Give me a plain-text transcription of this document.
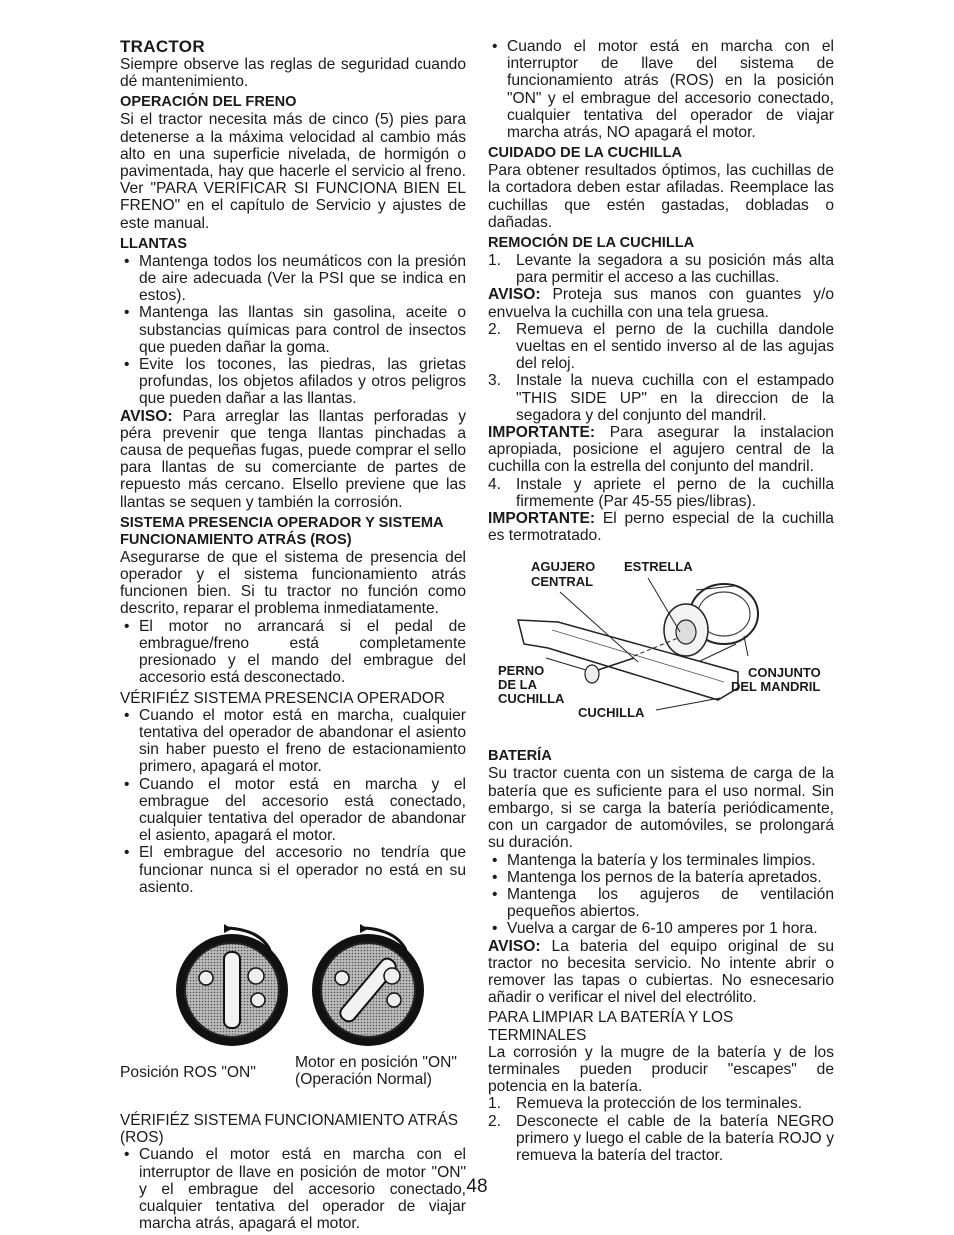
TRACTOR

Siempre observe las reglas de seguridad cuando dé mantenimiento.

OPERACIÓN DEL FRENO

Si el tractor necesita más de cinco (5) pies para detenerse a la máxima velocidad al cambio más alto en una superficie nivelada, de hormigón o pavimentada, hay que hacerle el servicio al freno. Ver "PARA VERIFICAR SI FUNCIONA BIEN EL FRENO" en el capítulo de Servicio y ajustes de este manual.

LLANTAS
• Mantenga todos los neumáticos con la presión de aire adecuada (Ver la PSI que se indica en estos).
• Mantenga las llantas sin gasolina, aceite o substancias químicas para control de insectos que pueden dañar la goma.
• Evite los tocones, las piedras, las grietas profundas, los objetos afilados y otros peligros que pueden dañar a las llantas.

AVISO: Para arreglar las llantas perforadas y péra prevenir que tenga llantas pinchadas a causa de pequeñas fugas, puede comprar el sello para llantas de su comerciante de partes de repuesto más cercano. Elsello previene que las llantas se sequen y también la corrosión.

SISTEMA PRESENCIA OPERADOR Y SISTEMA FUNCIONAMIENTO ATRÁS (ROS)

Asegurarse de que el sistema de presencia del operador y el sistema funcionamiento atrás funcionen bien. Si tu tractor no función como descrito, reparar el problema inmediatamente.

• El motor no arrancará si el pedal de embrague/freno está completamente presionado y el mando del embrague del accesorio está desconectado.
VÉRIFIÉZ SISTEMA PRESENCIA OPERADOR
• Cuando el motor está en marcha, cualquier tentativa del operador de abandonar el asiento sin haber puesto el freno de estacionamiento primero, apagará el motor.
• Cuando el motor está en marcha y el embrague del accesorio está conectado, cualquier tentativa del operador de abandonar el asiento, apagará el motor.
• El embrague del accesorio no tendría que funcionar nunca si el operador no está en su asiento.
Posición ROS "ON"
Motor en posición "ON" (Operación Normal)
VÉRIFIÉZ SISTEMA FUNCIONAMIENTO ATRÁS (ROS)
• Cuando el motor está en marcha con el interruptor de llave en posición de motor "ON" y el embrague del accesorio conectado, cualquier tentativa del operador de viajar marcha atrás, apagará el motor.
• Cuando el motor está en marcha con el interruptor de llave del sistema de funcionamiento atrás (ROS) en la posición "ON" y el embrague del accesorio conectado, cualquier tentativa del operador de viajar marcha atrás, NO apagará el motor.
CUIDADO DE LA CUCHILLA

Para obtener resultados óptimos, las cuchillas de la cortadora deben estar afiladas. Reemplace las cuchillas que estén gastadas, dobladas o dañadas.

REMOCIÓN DE LA CUCHILLA
1. Levante la segadora a su posición más alta para permitir el acceso a las cuchillas.

AVISO: Proteja sus manos con guantes y/o envuelva la cuchilla con una tela gruesa.

2. Remueva el perno de la cuchilla dandole vueltas en el sentido inverso al de las agujas del reloj.
3. Instale la nueva cuchilla con el estampado "THIS SIDE UP" en la direccion de la segadora y del conjunto del mandril.

IMPORTANTE: Para asegurar la instalacion apropiada, posicione el agujero central de la cuchilla con la estrella del conjunto del mandril.

4. Instale y apriete el perno de la cuchilla firmemente (Par 45-55 pies/libras).

IMPORTANTE: El perno especial de la cuchilla es termotratado.

AGUJERO
CENTRAL
ESTRELLA
PERNO
DE LA
CUCHILLA
CONJUNTO
DEL MANDRIL
CUCHILLA
BATERÍA

Su tractor cuenta con un sistema de carga de la batería que es suficiente para el uso normal. Sin embargo, si se carga la batería periódicamente, con un cargador de automóviles, se prolongará su duración.

• Mantenga la batería y los terminales limpios.
• Mantenga los pernos de la batería apretados.
• Mantenga los agujeros de ventilación pequeños abiertos.
• Vuelva a cargar de 6-10 amperes por 1 hora.

AVISO: La bateria del equipo original de su tractor no becesita servicio. No intente abrir o remover las tapas o cubiertas. No esnecesario añadir o verificar el nivel del electrólito.

PARA LIMPIAR LA BATERÍA Y LOS TERMINALES

La corrosión y la mugre de la batería y de los terminales pueden producir "escapes" de potencia en la batería.

1. Remueva la protección de los terminales.
2. Desconecte el cable de la batería NEGRO primero y luego el cable de la batería ROJO y remueva la batería del tractor.
48
